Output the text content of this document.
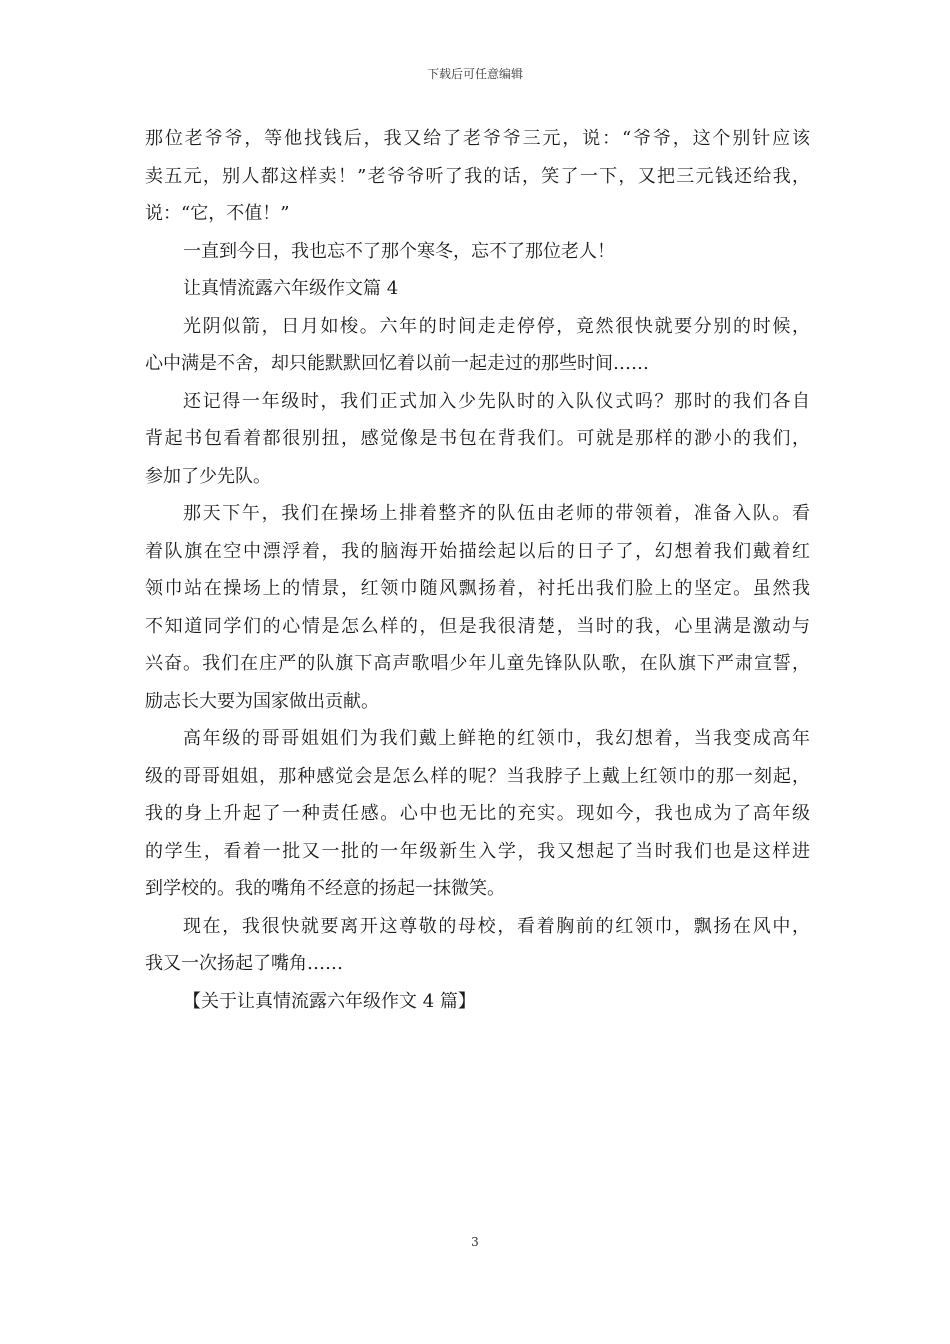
下载后可任意编辑
那位老爷爷，等他找钱后，我又给了老爷爷三元，说：“爷爷，这个别针应该
卖五元，别人都这样卖！”老爷爷听了我的话，笑了一下，又把三元钱还给我，
说：“它，不值！”
一直到今日，我也忘不了那个寒冬，忘不了那位老人！
让真情流露六年级作文篇 4
光阴似箭，日月如梭。六年的时间走走停停，竟然很快就要分别的时候，
心中满是不舍，却只能默默回忆着以前一起走过的那些时间……
还记得一年级时，我们正式加入少先队时的入队仪式吗？那时的我们各自
背起书包看着都很别扭，感觉像是书包在背我们。可就是那样的渺小的我们，
参加了少先队。
那天下午，我们在操场上排着整齐的队伍由老师的带领着，准备入队。看
着队旗在空中漂浮着，我的脑海开始描绘起以后的日子了，幻想着我们戴着红
领巾站在操场上的情景，红领巾随风飘扬着，衬托出我们脸上的坚定。虽然我
不知道同学们的心情是怎么样的，但是我很清楚，当时的我，心里满是激动与
兴奋。我们在庄严的队旗下高声歌唱少年儿童先锋队队歌，在队旗下严肃宣誓，
励志长大要为国家做出贡献。
高年级的哥哥姐姐们为我们戴上鲜艳的红领巾，我幻想着，当我变成高年
级的哥哥姐姐，那种感觉会是怎么样的呢？当我脖子上戴上红领巾的那一刻起，
我的身上升起了一种责任感。心中也无比的充实。现如今，我也成为了高年级
的学生，看着一批又一批的一年级新生入学，我又想起了当时我们也是这样进
到学校的。我的嘴角不经意的扬起一抹微笑。
现在，我很快就要离开这尊敬的母校，看着胸前的红领巾，飘扬在风中，
我又一次扬起了嘴角……
【关于让真情流露六年级作文 4 篇】
3
